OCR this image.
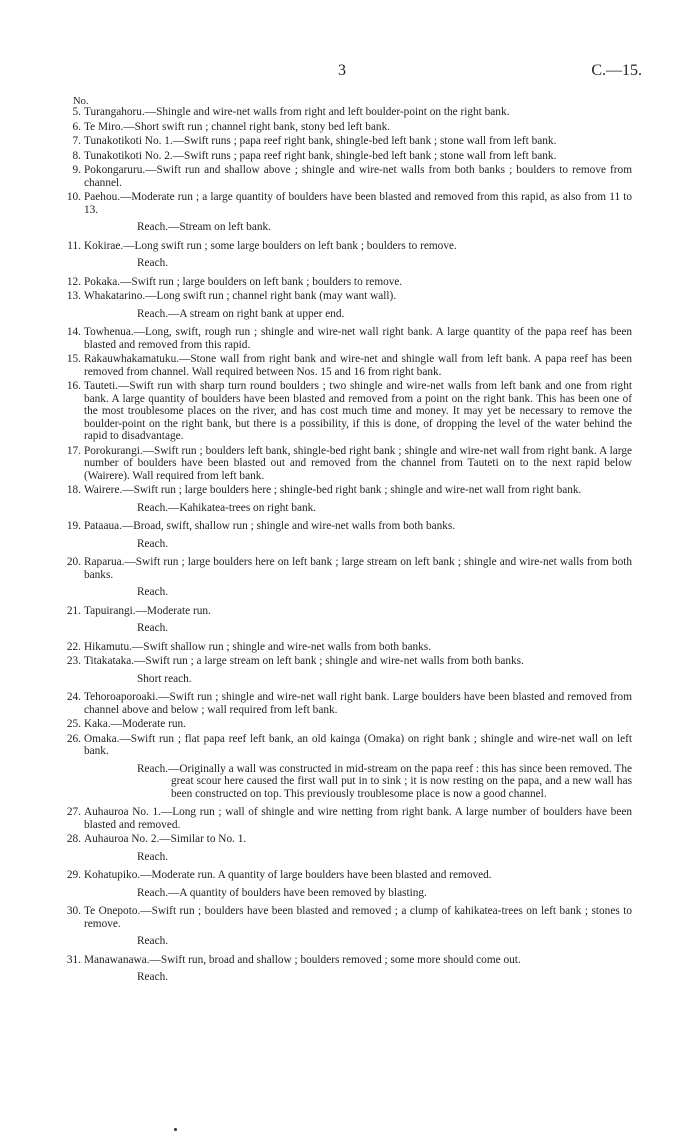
3	C.—15.
No.
5. Turangahoru.—Shingle and wire-net walls from right and left boulder-point on the right bank.
6. Te Miro.—Short swift run ; channel right bank, stony bed left bank.
7. Tunakotikoti No. 1.—Swift runs ; papa reef right bank, shingle-bed left bank ; stone wall from left bank.
8. Tunakotikoti No. 2.—Swift runs ; papa reef right bank, shingle-bed left bank ; stone wall from left bank.
9. Pokongaruru.—Swift run and shallow above ; shingle and wire-net walls from both banks ; boulders to remove from channel.
10. Paehou.—Moderate run ; a large quantity of boulders have been blasted and removed from this rapid, as also from 11 to 13.
Reach.—Stream on left bank.
11. Kokirae.—Long swift run ; some large boulders on left bank ; boulders to remove.
Reach.
12. Pokaka.—Swift run ; large boulders on left bank ; boulders to remove.
13. Whakatarino.—Long swift run ; channel right bank (may want wall).
Reach.—A stream on right bank at upper end.
14. Towhenua.—Long, swift, rough run ; shingle and wire-net wall right bank. A large quantity of the papa reef has been blasted and removed from this rapid.
15. Rakauwhakamatuku.—Stone wall from right bank and wire-net and shingle wall from left bank. A papa reef has been removed from channel. Wall required between Nos. 15 and 16 from right bank.
16. Tauteti.—Swift run with sharp turn round boulders ; two shingle and wire-net walls from left bank and one from right bank. A large quantity of boulders have been blasted and removed from a point on the right bank. This has been one of the most troublesome places on the river, and has cost much time and money. It may yet be necessary to remove the boulder-point on the right bank, but there is a possibility, if this is done, of dropping the level of the water behind the rapid to disadvantage.
17. Porokurangi.—Swift run ; boulders left bank, shingle-bed right bank ; shingle and wire-net wall from right bank. A large number of boulders have been blasted out and removed from the channel from Tauteti on to the next rapid below (Wairere). Wall required from left bank.
18. Wairere.—Swift run ; large boulders here ; shingle-bed right bank ; shingle and wire-net wall from right bank.
Reach.—Kahikatea-trees on right bank.
19. Pataaua.—Broad, swift, shallow run ; shingle and wire-net walls from both banks.
Reach.
20. Raparua.—Swift run ; large boulders here on left bank ; large stream on left bank ; shingle and wire-net walls from both banks.
Reach.
21. Tapuirangi.—Moderate run.
Reach.
22. Hikamutu.—Swift shallow run ; shingle and wire-net walls from both banks.
23. Titakataka.—Swift run ; a large stream on left bank ; shingle and wire-net walls from both banks.
Short reach.
24. Tehoroaporoaki.—Swift run ; shingle and wire-net wall right bank. Large boulders have been blasted and removed from channel above and below ; wall required from left bank.
25. Kaka.—Moderate run.
26. Omaka.—Swift run ; flat papa reef left bank, an old kainga (Omaka) on right bank ; shingle and wire-net wall on left bank.
Reach.—Originally a wall was constructed in mid-stream on the papa reef : this has since been removed. The great scour here caused the first wall put in to sink ; it is now resting on the papa, and a new wall has been constructed on top. This previously troublesome place is now a good channel.
27. Auhauroa No. 1.—Long run ; wall of shingle and wire netting from right bank. A large number of boulders have been blasted and removed.
28. Auhauroa No. 2.—Similar to No. 1.
Reach.
29. Kohatupiko.—Moderate run. A quantity of large boulders have been blasted and removed.
Reach.—A quantity of boulders have been removed by blasting.
30. Te Onepoto.—Swift run ; boulders have been blasted and removed ; a clump of kahikatea-trees on left bank ; stones to remove.
Reach.
31. Manawanawa.—Swift run, broad and shallow ; boulders removed ; some more should come out.
Reach.
